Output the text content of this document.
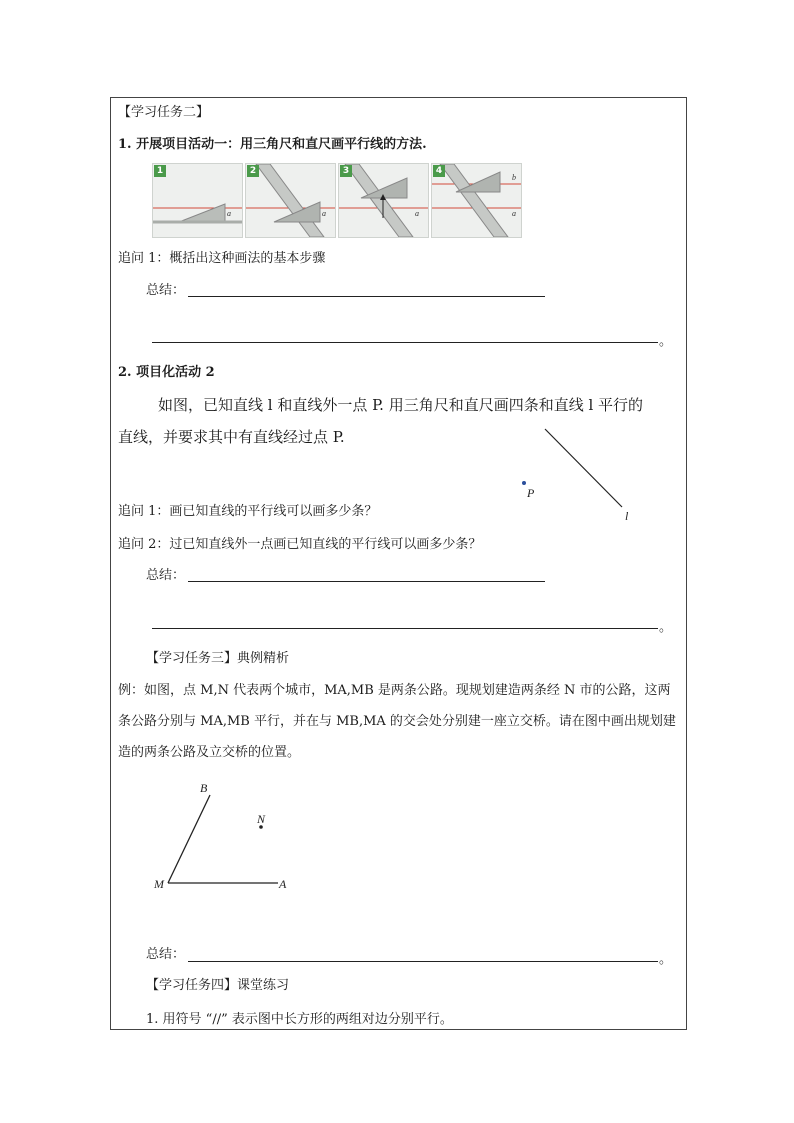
【学习任务二】
1. 开展项目活动一：用三角尺和直尺画平行线的方法.
1
a
2
a
3
a
4
b
a
追问 1：概括出这种画法的基本步骤
总结：
。
2. 项目化活动 2
如图，已知直线 l 和直线外一点 P. 用三角尺和直尺画四条和直线 l 平行的
直线，并要求其中有直线经过点 P.
P
l
追问 1：画已知直线的平行线可以画多少条？
追问 2：过已知直线外一点画已知直线的平行线可以画多少条？
总结：
。
【学习任务三】典例精析
例：如图，点 M,N 代表两个城市，MA,MB 是两条公路。现规划建造两条经 N 市的公路，这两
条公路分别与 MA,MB 平行，并在与 MB,MA 的交会处分别建一座立交桥。请在图中画出规划建
造的两条公路及立交桥的位置。
B
N
M	A
总结：	。
【学习任务四】课堂练习
1. 用符号 “//” 表示图中长方形的两组对边分别平行。
